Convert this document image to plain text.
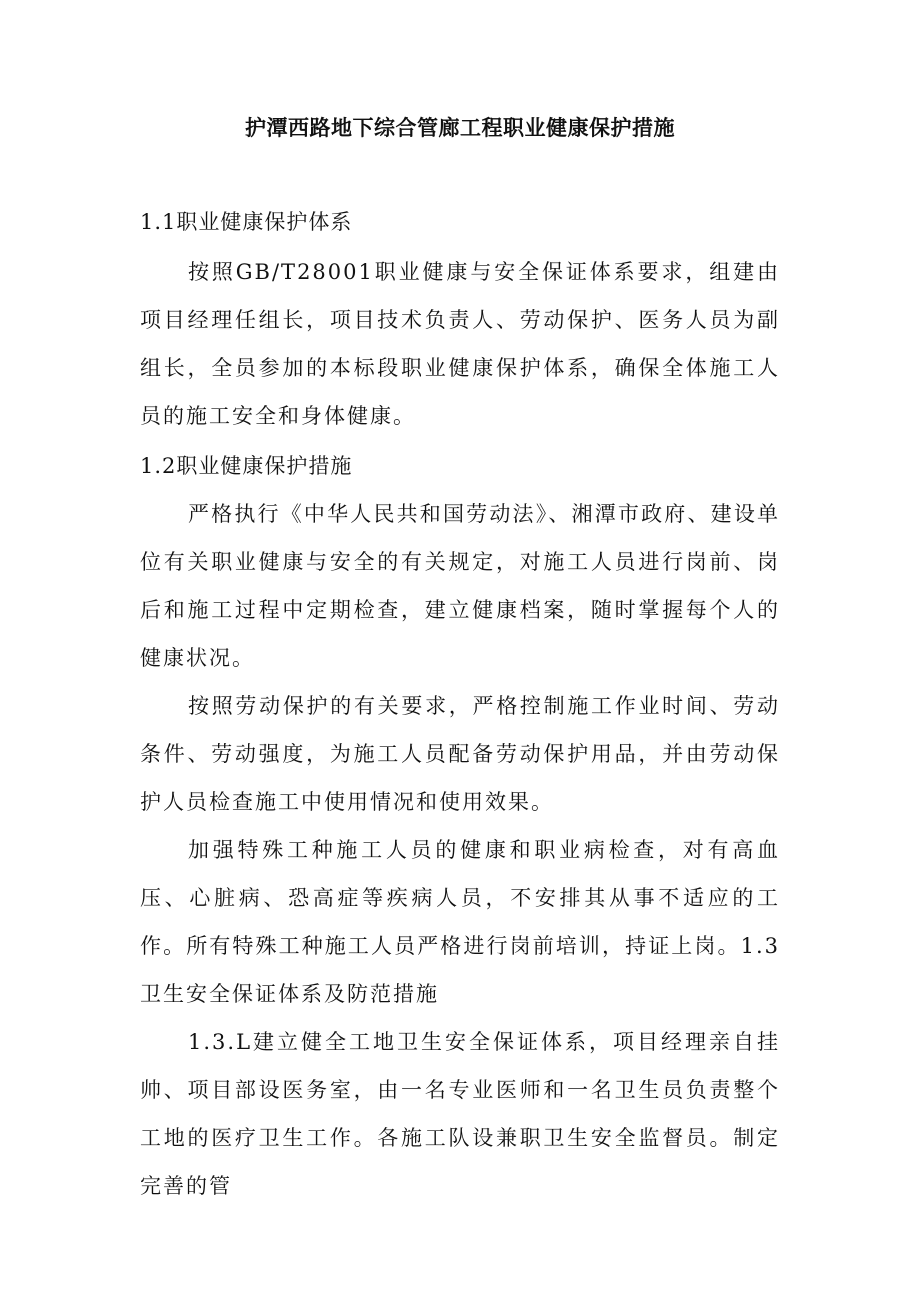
护潭西路地下综合管廊工程职业健康保护措施
1.1职业健康保护体系
按照GB/T28001职业健康与安全保证体系要求，组建由项目经理任组长，项目技术负责人、劳动保护、医务人员为副组长，全员参加的本标段职业健康保护体系，确保全体施工人员的施工安全和身体健康。
1.2职业健康保护措施
严格执行《中华人民共和国劳动法》、湘潭市政府、建设单位有关职业健康与安全的有关规定，对施工人员进行岗前、岗后和施工过程中定期检查，建立健康档案，随时掌握每个人的健康状况。
按照劳动保护的有关要求，严格控制施工作业时间、劳动条件、劳动强度，为施工人员配备劳动保护用品，并由劳动保护人员检查施工中使用情况和使用效果。
加强特殊工种施工人员的健康和职业病检查，对有高血压、心脏病、恐高症等疾病人员，不安排其从事不适应的工作。所有特殊工种施工人员严格进行岗前培训，持证上岗。1.3卫生安全保证体系及防范措施
1.3.L建立健全工地卫生安全保证体系，项目经理亲自挂帅、项目部设医务室，由一名专业医师和一名卫生员负责整个工地的医疗卫生工作。各施工队设兼职卫生安全监督员。制定完善的管
